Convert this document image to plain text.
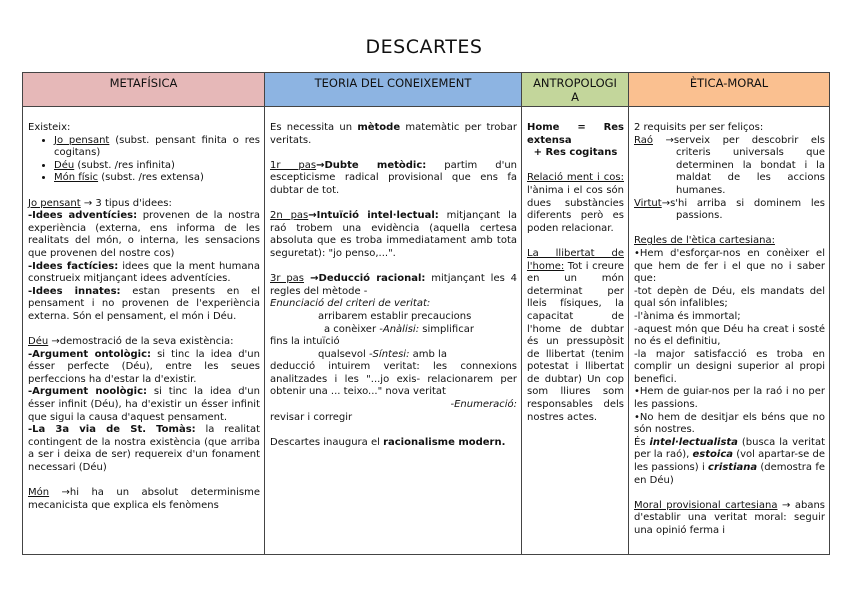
DESCARTES
METAFÍSICA	TEORIA DEL CONEIXEMENT	ANTROPOLOGIA
ÈTICA-MORAL

Existeix:

• Jo pensant (subst. pensant finita o res cogitans)
• Déu (subst. /res infinita)
• Món físic (subst. /res extensa)

Jo pensant → 3 tipus d'idees:

-Idees adventícies: provenen de la nostra experiència (externa, ens informa de les realitats del món, o interna, les sensacions que provenen del nostre cos)

-Idees factícies: idees que la ment humana construeix mitjançant idees adventícies.

-Idees innates: estan presents en el pensament i no provenen de l'experiència externa. Són el pensament, el món i Déu.

Déu →demostració de la seva existència:

-Argument ontològic: si tinc la idea d'un ésser perfecte (Déu), entre les seues perfeccions ha d'estar la d'existir.

-Argument noològic: si tinc la idea d'un ésser infinit (Déu), ha d'existir un ésser infinit que sigui la causa d'aquest pensament.

-La 3a via de St. Tomàs: la realitat contingent de la nostra existència (que arriba a ser i deixa de ser) requereix d'un fonament necessari (Déu)

Món →hi ha un absolut determinisme mecanicista que explica els fenòmens

Es necessita un mètode matemàtic per trobar veritats.

1r pas→Dubte metòdic: partim d'un escepticisme radical provisional que ens fa dubtar de tot.

2n pas→Intuïció intel·lectual: mitjançant la raó trobem una evidència (aquella certesa absoluta que es troba immediatament amb tota seguretat): "jo penso,...".

3r pas →Deducció racional: mitjançant les 4 regles del mètode -

Enunciació del criteri de veritat:

arribarem establir precaucions

a conèixer -Anàlisi: simplificar

fins la intuïció

qualsevol -Síntesi: amb la

deducció intuirem veritat: les connexions analitzades i les "...jo exis- relacionarem per obtenir una ... teixo..." nova veritat

-Enumeració:

revisar i corregir

Descartes inaugura el racionalisme modern.

Home = Res extensa

+ Res cogitans

Relació ment i cos: l'ànima i el cos són dues substàncies diferents però es poden relacionar.

La llibertat de l'home: Tot i creure en un món determinat per lleis físiques, la capacitat de l'home de dubtar és un pressupòsit de llibertat (tenim potestat i llibertat de dubtar) Un cop som lliures som responsables dels nostres actes.

2 requisits per ser feliços:

Raó →serveix per descobrir els criteris universals que determinen la bondat i la maldat de les accions humanes.

Virtut→s'hi arriba si dominem les passions.

Regles de l'ètica cartesiana:

•Hem d'esforçar-nos en conèixer el que hem de fer i el que no i saber que:

-tot depèn de Déu, els mandats del qual són infalibles;

-l'ànima és immortal;

-aquest món que Déu ha creat i sosté no és el definitiu,

-la major satisfacció es troba en complir un designi superior al propi benefici.

•Hem de guiar-nos per la raó i no per les passions.

•No hem de desitjar els béns que no són nostres.

És intel·lectualista (busca la veritat per la raó), estoica (vol apartar-se de les passions) i cristiana (demostra fe en Déu)

Moral provisional cartesiana → abans d'establir una veritat moral: seguir una opinió ferma i
